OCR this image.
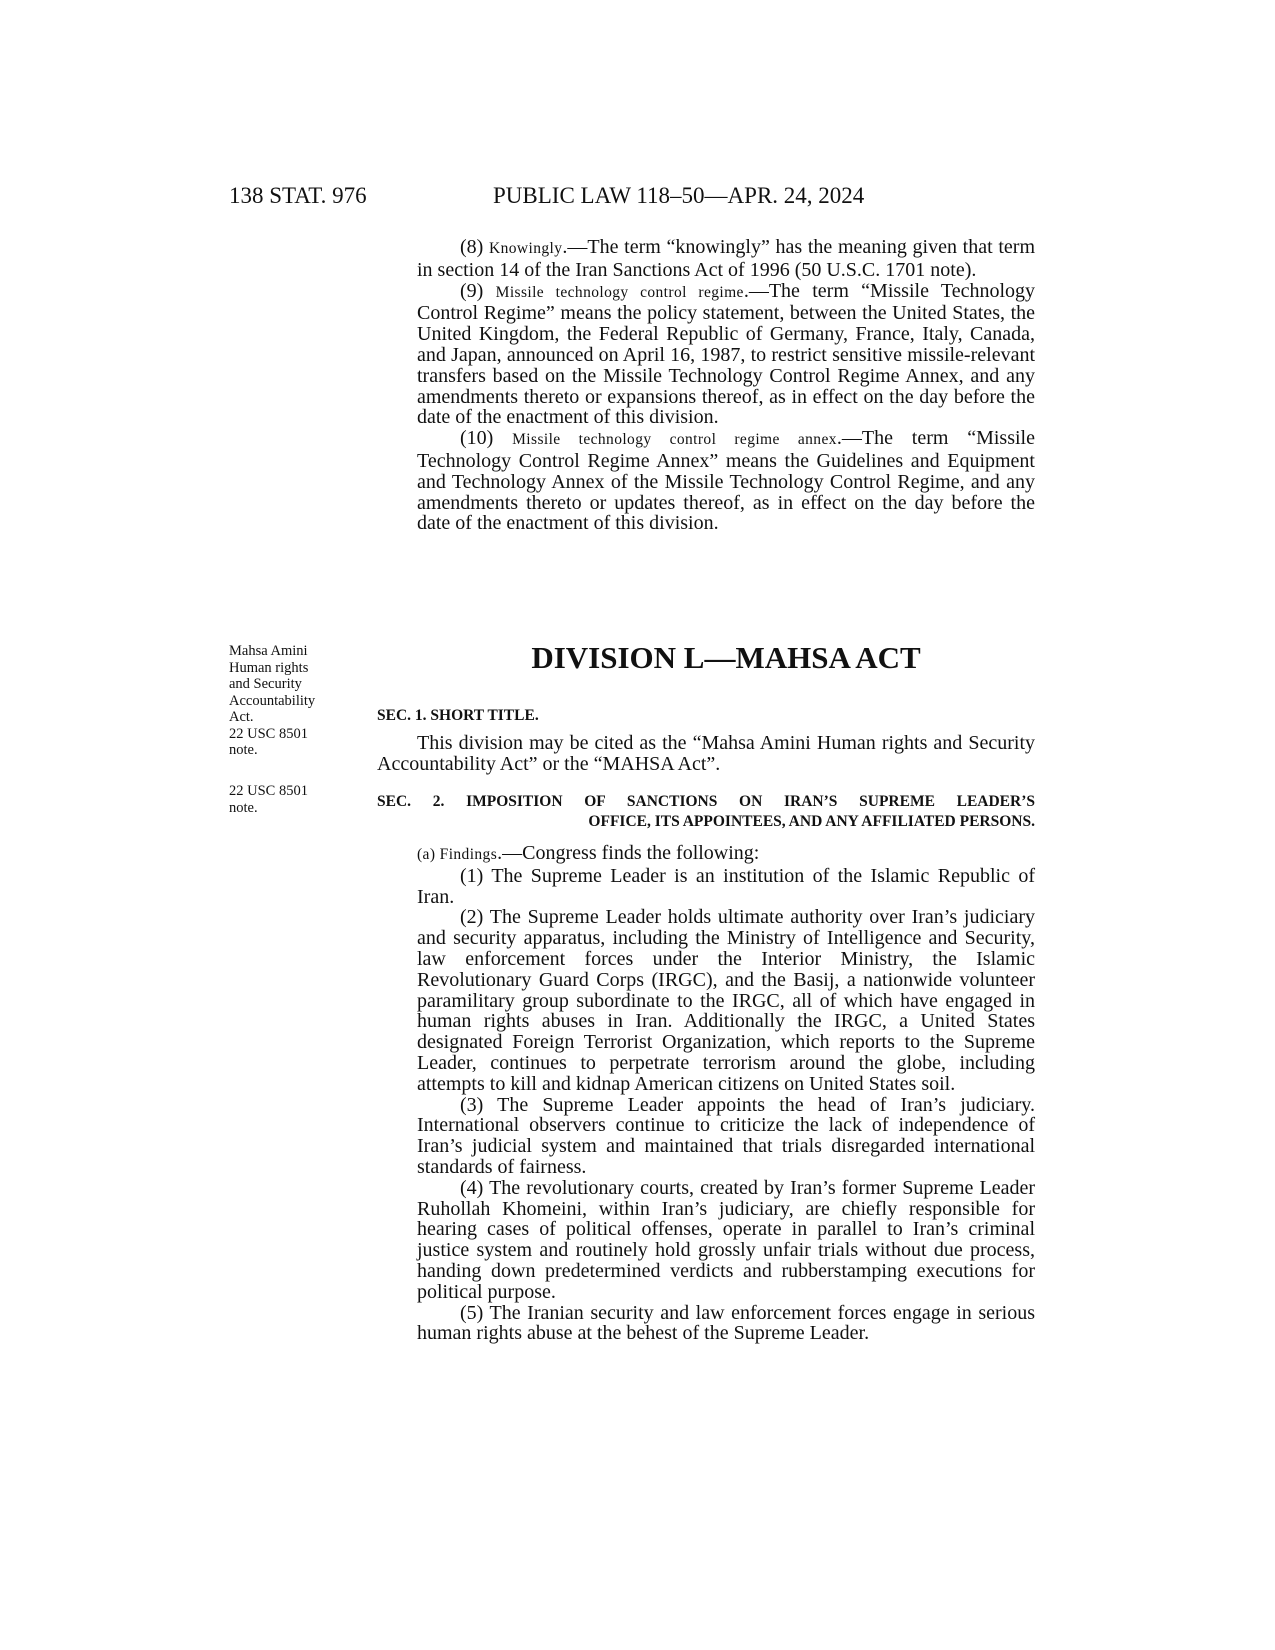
138 STAT. 976	PUBLIC LAW 118–50—APR. 24, 2024

(8) Knowingly.—The term “knowingly” has the meaning given that term in section 14 of the Iran Sanctions Act of 1996 (50 U.S.C. 1701 note).

(9) Missile technology control regime.—The term “Missile Technology Control Regime” means the policy statement, between the United States, the United Kingdom, the Federal Republic of Germany, France, Italy, Canada, and Japan, announced on April 16, 1987, to restrict sensitive missile-relevant transfers based on the Missile Technology Control Regime Annex, and any amendments thereto or expansions thereof, as in effect on the day before the date of the enactment of this division.

(10) Missile technology control regime annex.—The term “Missile Technology Control Regime Annex” means the Guidelines and Equipment and Technology Annex of the Missile Technology Control Regime, and any amendments thereto or updates thereof, as in effect on the day before the date of the enactment of this division.

DIVISION L—MAHSA ACT
Mahsa Amini
Human rights
and Security
Accountability
Act.
22 USC 8501
note.
SEC. 1. SHORT TITLE.

This division may be cited as the “Mahsa Amini Human rights and Security Accountability Act” or the “MAHSA Act”.

22 USC 8501
note.	SEC. 2. IMPOSITION OF SANCTIONS ON IRAN’S SUPREME LEADER’S
OFFICE, ITS APPOINTEES, AND ANY AFFILIATED PERSONS.

(a) Findings.—Congress finds the following:

(1) The Supreme Leader is an institution of the Islamic Republic of Iran.

(2) The Supreme Leader holds ultimate authority over Iran’s judiciary and security apparatus, including the Ministry of Intelligence and Security, law enforcement forces under the Interior Ministry, the Islamic Revolutionary Guard Corps (IRGC), and the Basij, a nationwide volunteer paramilitary group subordinate to the IRGC, all of which have engaged in human rights abuses in Iran. Additionally the IRGC, a United States designated Foreign Terrorist Organization, which reports to the Supreme Leader, continues to perpetrate terrorism around the globe, including attempts to kill and kidnap American citizens on United States soil.

(3) The Supreme Leader appoints the head of Iran’s judiciary. International observers continue to criticize the lack of independence of Iran’s judicial system and maintained that trials disregarded international standards of fairness.

(4) The revolutionary courts, created by Iran’s former Supreme Leader Ruhollah Khomeini, within Iran’s judiciary, are chiefly responsible for hearing cases of political offenses, operate in parallel to Iran’s criminal justice system and routinely hold grossly unfair trials without due process, handing down predetermined verdicts and rubberstamping executions for political purpose.

(5) The Iranian security and law enforcement forces engage in serious human rights abuse at the behest of the Supreme Leader.
